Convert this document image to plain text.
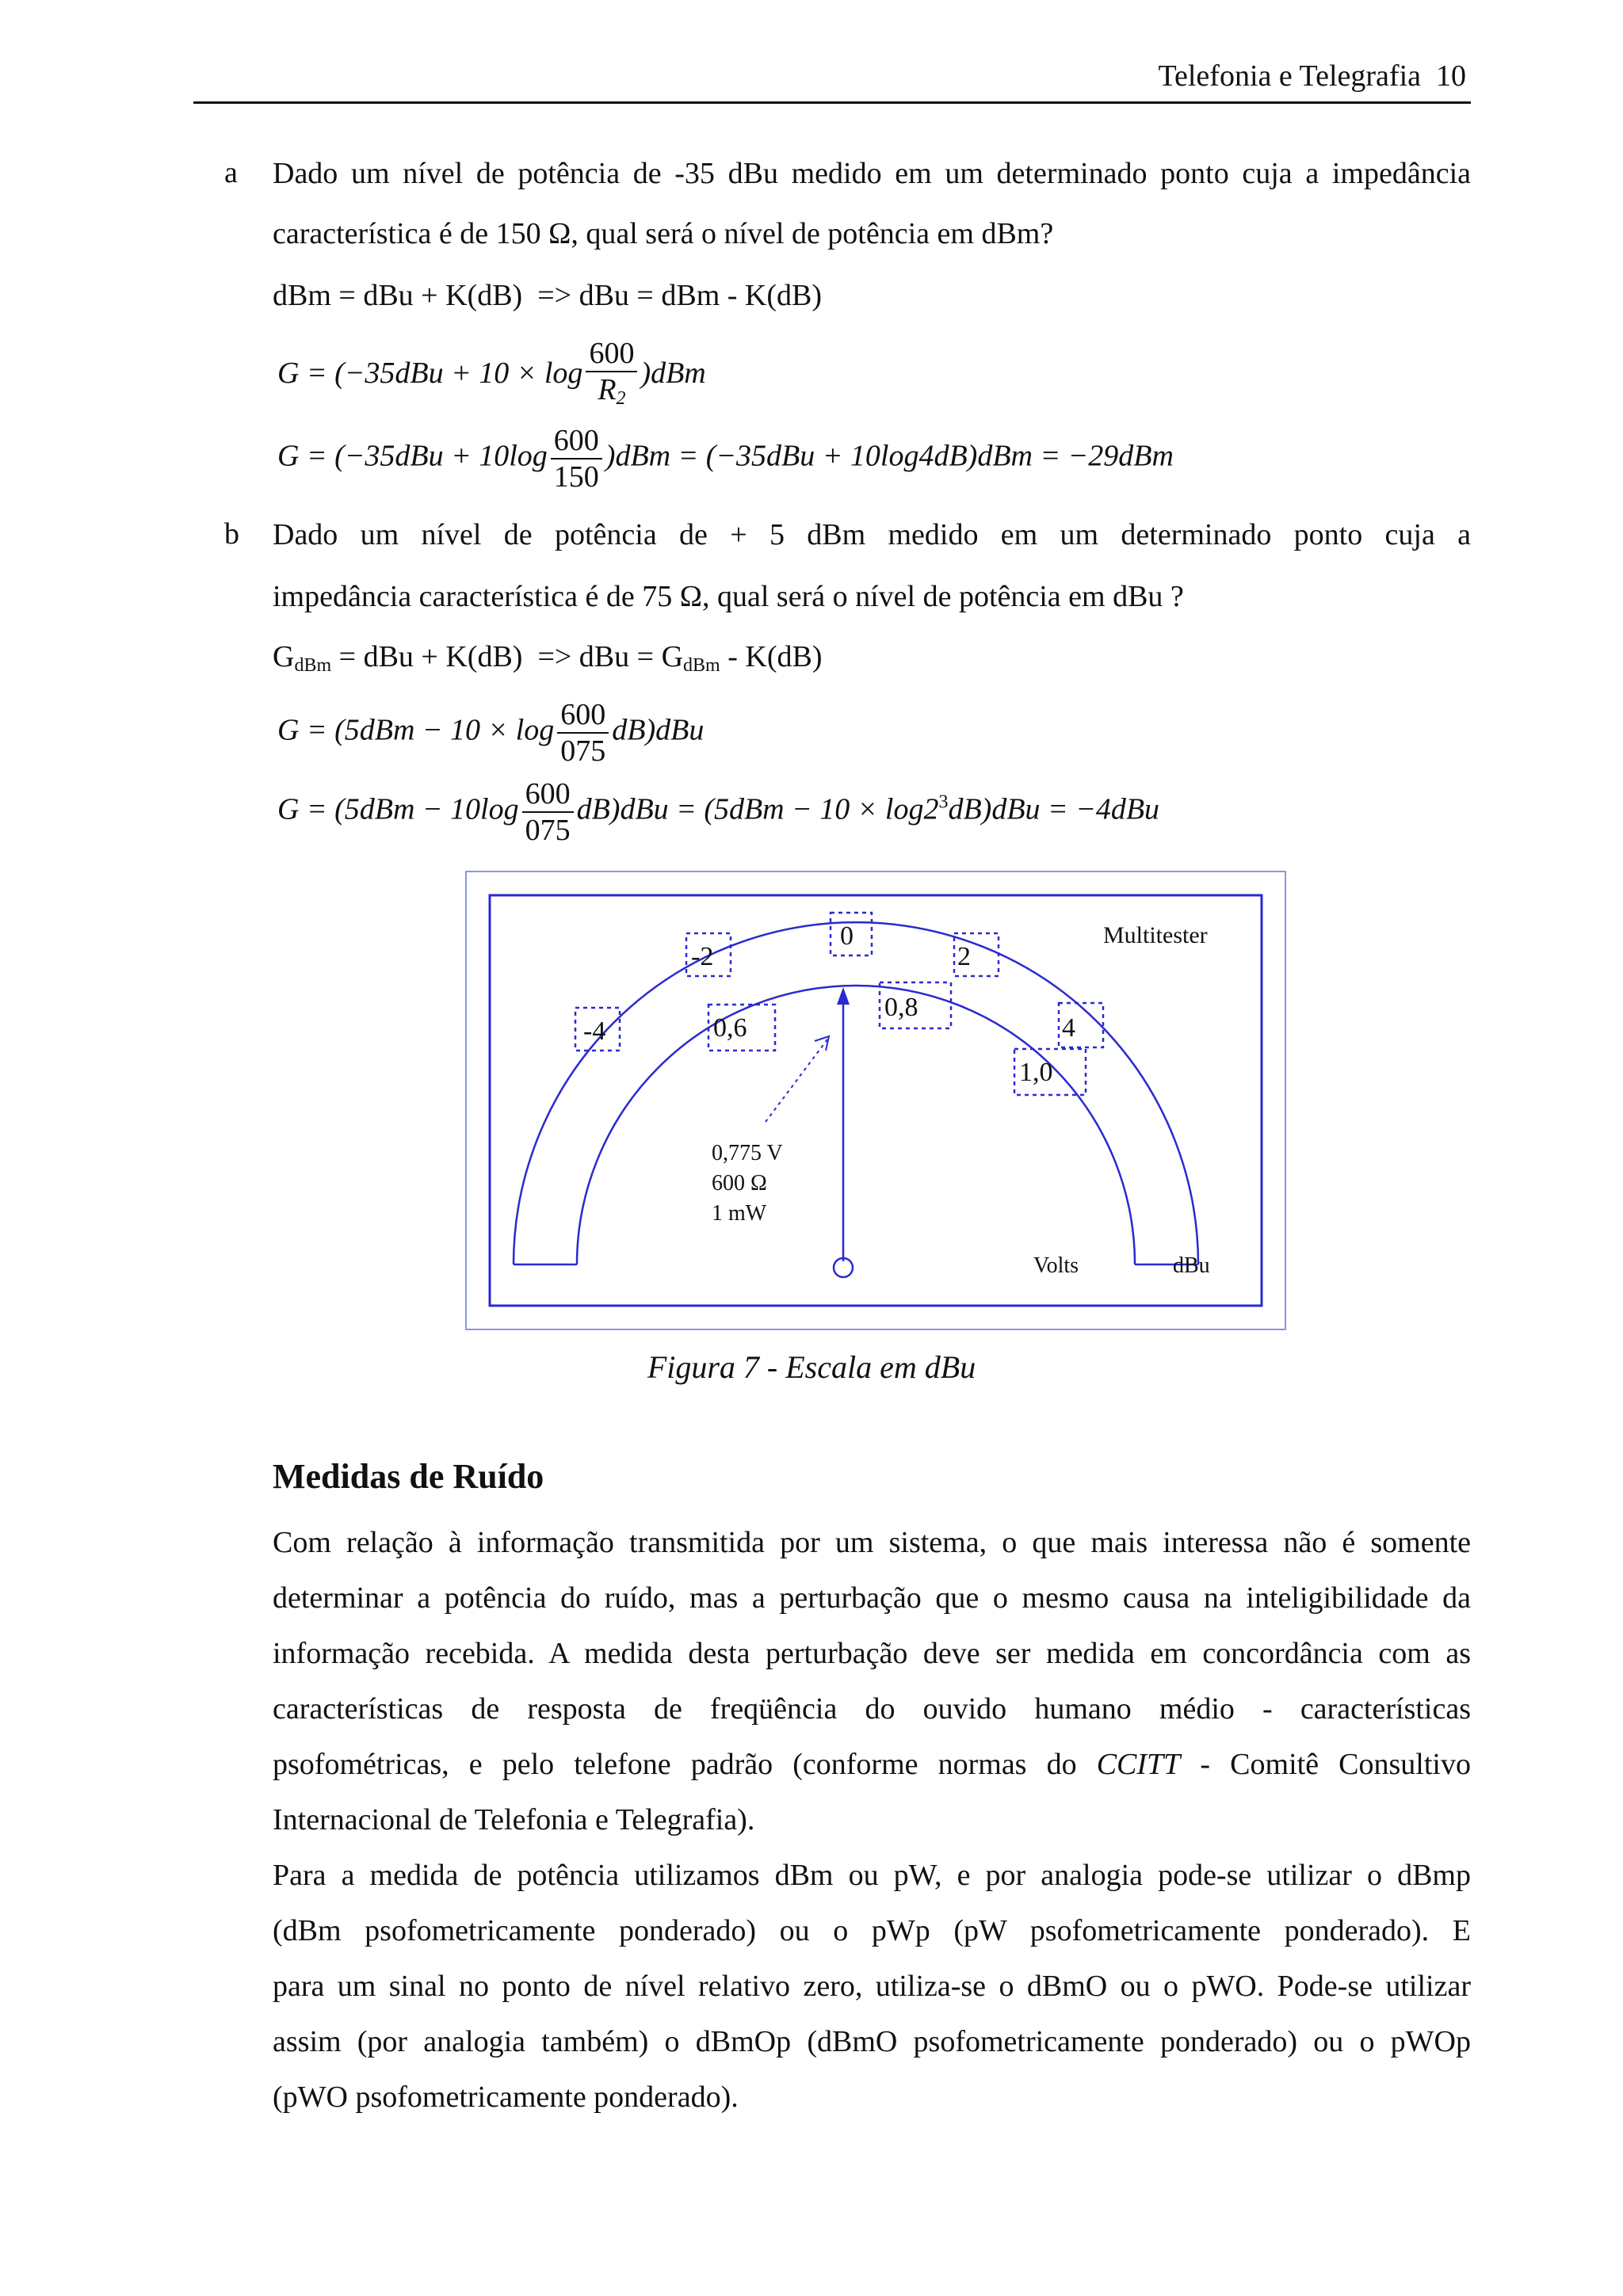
Telefonia e Telegrafia 10
a Dado um nível de potência de -35 dBu medido em um determinado ponto cuja a impedância
característica é de 150 Ω, qual será o nível de potência em dBm?
dBm = dBu + K(dB)  => dBu = dBm - K(dB)
$G = (-35dBu + 10 \times \log \frac{600}{R_2} )dBm$
$G = (-35dBu + 10\log \frac{600}{150} )dBm = (-35dBu + 10\log 4dB)dBm = -29dBm$
b Dado um nível de potência de + 5 dBm medido em um determinado ponto cuja a
impedância característica é de 75 Ω, qual será o nível de potência em dBu ?
$G_{dBm}$ = dBu + K(dB)  => dBu = $G_{dBm} - K(dB)$
$G = (5dBm - 10 \times \log \frac{600}{075} dB)dBu$
$G = (5dBm - 10\log \frac{600}{075} dB)dBu = (5dBm - 10 \times \log 2^3dB)dBu = -4dBu$
-4
-2
0
2
4
0,6
0,8
1,0
0,775 V
600 Ω
1 mW
Multitester
Volts	dBu
Figura 7 - Escala em dBu
Medidas de Ruído
Com relação à informação transmitida por um sistema, o que mais interessa não é somente
determinar a potência do ruído, mas a perturbação que o mesmo causa na inteligibilidade da
informação recebida. A medida desta perturbação deve ser medida em concordância com as
características de resposta de freqüência do ouvido humano médio - características
psofométricas, e pelo telefone padrão (conforme normas do CCITT - Comitê Consultivo
Internacional de Telefonia e Telegrafia).
Para a medida de potência utilizamos dBm ou pW, e por analogia pode-se utilizar o dBmp
(dBm psofometricamente ponderado) ou o pWp (pW psofometricamente ponderado). E
para um sinal no ponto de nível relativo zero, utiliza-se o dBmO ou o pWO. Pode-se utilizar
assim (por analogia também) o dBmOp (dBmO psofometricamente ponderado) ou o pWOp
(pWO psofometricamente ponderado).
